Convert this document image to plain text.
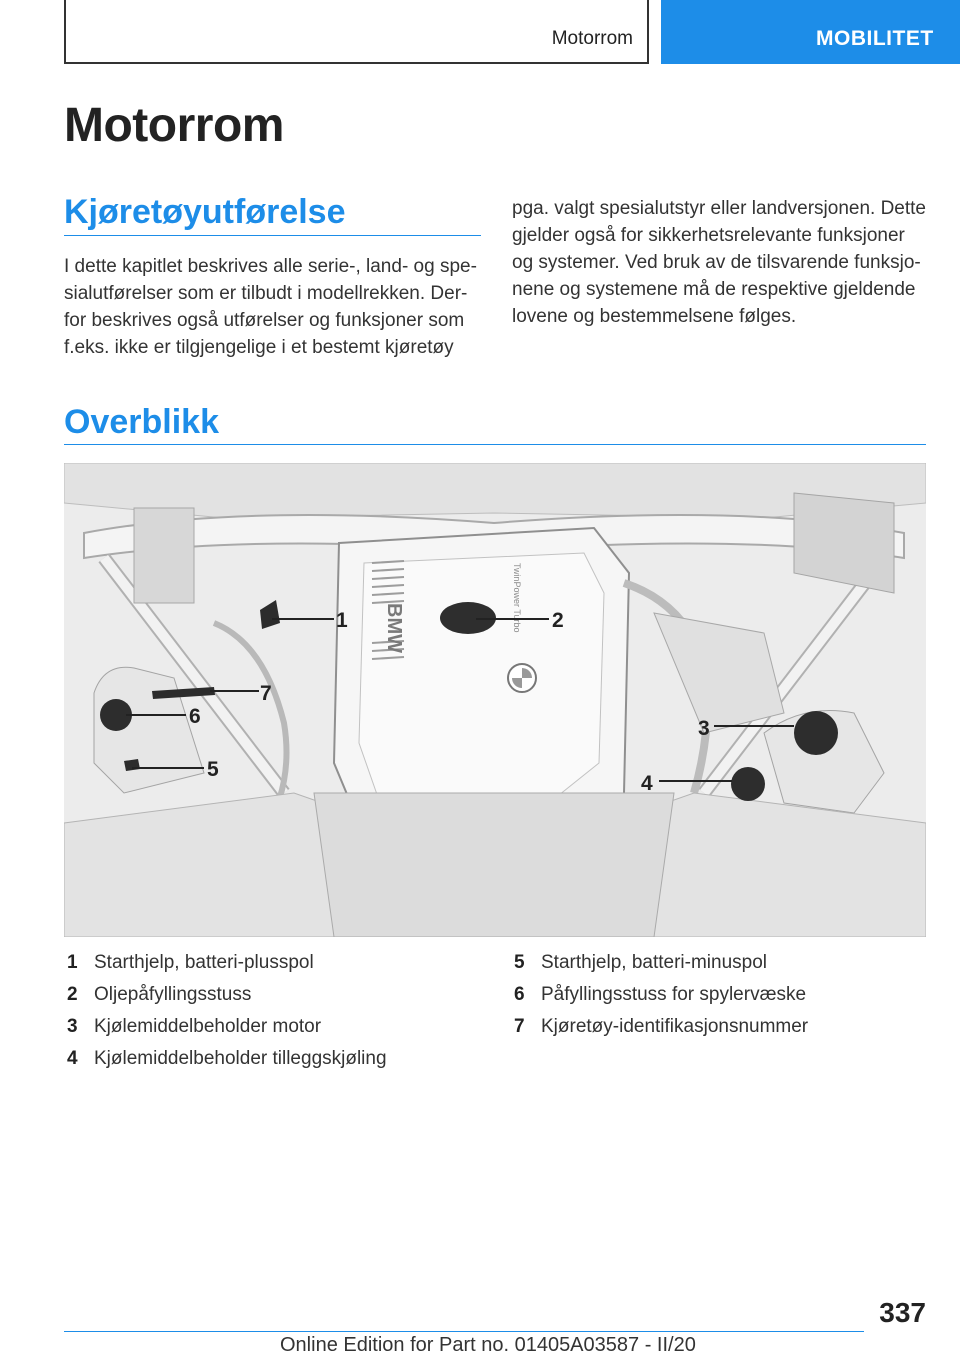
Motorrom	MOBILITET
Motorrom
Kjøretøyutførelse
I dette kapitlet beskrives alle serie-, land- og spe-
sialutførelser som er tilbudt i modellrekken. Der-
for beskrives også utførelser og funksjoner som
f.eks. ikke er tilgjengelige i et bestemt kjøretøy
pga. valgt spesialutstyr eller landversjonen. Dette
gjelder også for sikkerhetsrelevante funksjoner
og systemer. Ved bruk av de tilsvarende funksjo-
nene og systemene må de respektive gjeldende
lovene og bestemmelsene følges.
Overblikk
BMW	TwinPower Turbo
1	2
3
4
5
6
7
1 Starthjelp, batteri-plusspol
2 Oljepåfyllingsstuss
3 Kjølemiddelbeholder motor
4 Kjølemiddelbeholder tilleggskjøling
5 Starthjelp, batteri-minuspol
6 Påfyllingsstuss for spylervæske
7 Kjøretøy-identifikasjonsnummer
337
Online Edition for Part no. 01405A03587 - II/20
